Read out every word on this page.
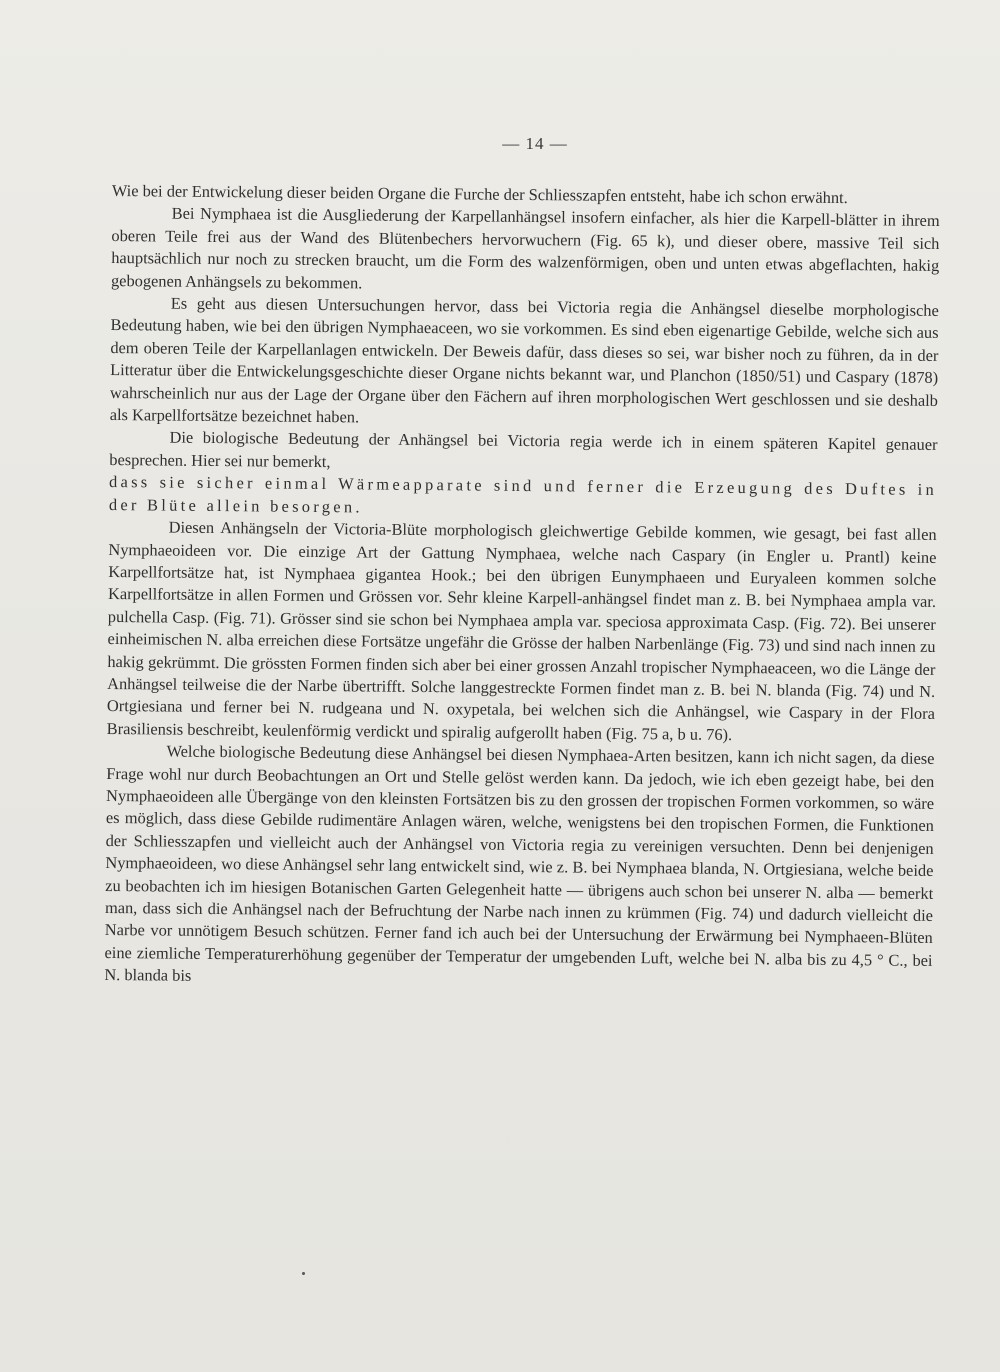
— 14 —

Wie bei der Entwickelung dieser beiden Organe die Furche der Schliesszapfen entsteht, habe ich schon erwähnt.

Bei Nymphaea ist die Ausgliederung der Karpellanhängsel insofern einfacher, als hier die Karpell-blätter in ihrem oberen Teile frei aus der Wand des Blütenbechers hervorwuchern (Fig. 65 k), und dieser obere, massive Teil sich hauptsächlich nur noch zu strecken braucht, um die Form des walzenförmigen, oben und unten etwas abgeflachten, hakig gebogenen Anhängsels zu bekommen.

Es geht aus diesen Untersuchungen hervor, dass bei Victoria regia die Anhängsel dieselbe morphologische Bedeutung haben, wie bei den übrigen Nymphaeaceen, wo sie vorkommen. Es sind eben eigenartige Gebilde, welche sich aus dem oberen Teile der Karpellanlagen entwickeln. Der Beweis dafür, dass dieses so sei, war bisher noch zu führen, da in der Litteratur über die Entwickelungsgeschichte dieser Organe nichts bekannt war, und Planchon (1850/51) und Caspary (1878) wahrscheinlich nur aus der Lage der Organe über den Fächern auf ihren morphologischen Wert geschlossen und sie deshalb als Karpellfortsätze bezeichnet haben.

Die biologische Bedeutung der Anhängsel bei Victoria regia werde ich in einem späteren Kapitel genauer besprechen. Hier sei nur bemerkt,

dass sie sicher einmal Wärmeapparate sind und ferner die Erzeugung des Duftes in der Blüte allein besorgen.

Diesen Anhängseln der Victoria-Blüte morphologisch gleichwertige Gebilde kommen, wie gesagt, bei fast allen Nymphaeoideen vor. Die einzige Art der Gattung Nymphaea, welche nach Caspary (in Engler u. Prantl) keine Karpellfortsätze hat, ist Nymphaea gigantea Hook.; bei den übrigen Eunymphaeen und Euryaleen kommen solche Karpellfortsätze in allen Formen und Grössen vor. Sehr kleine Karpell-anhängsel findet man z. B. bei Nymphaea ampla var. pulchella Casp. (Fig. 71). Grösser sind sie schon bei Nymphaea ampla var. speciosa approximata Casp. (Fig. 72). Bei unserer einheimischen N. alba erreichen diese Fortsätze ungefähr die Grösse der halben Narbenlänge (Fig. 73) und sind nach innen zu hakig gekrümmt. Die grössten Formen finden sich aber bei einer grossen Anzahl tropischer Nymphaeaceen, wo die Länge der Anhängsel teilweise die der Narbe übertrifft. Solche langgestreckte Formen findet man z. B. bei N. blanda (Fig. 74) und N. Ortgiesiana und ferner bei N. rudgeana und N. oxypetala, bei welchen sich die Anhängsel, wie Caspary in der Flora Brasiliensis beschreibt, keulenförmig verdickt und spiralig aufgerollt haben (Fig. 75 a, b u. 76).

Welche biologische Bedeutung diese Anhängsel bei diesen Nymphaea-Arten besitzen, kann ich nicht sagen, da diese Frage wohl nur durch Beobachtungen an Ort und Stelle gelöst werden kann. Da jedoch, wie ich eben gezeigt habe, bei den Nymphaeoideen alle Übergänge von den kleinsten Fortsätzen bis zu den grossen der tropischen Formen vorkommen, so wäre es möglich, dass diese Gebilde rudimentäre Anlagen wären, welche, wenigstens bei den tropischen Formen, die Funktionen der Schliesszapfen und vielleicht auch der Anhängsel von Victoria regia zu vereinigen versuchten. Denn bei denjenigen Nymphaeoideen, wo diese Anhängsel sehr lang entwickelt sind, wie z. B. bei Nymphaea blanda, N. Ortgiesiana, welche beide zu beobachten ich im hiesigen Botanischen Garten Gelegenheit hatte — übrigens auch schon bei unserer N. alba — bemerkt man, dass sich die Anhängsel nach der Befruchtung der Narbe nach innen zu krümmen (Fig. 74) und dadurch vielleicht die Narbe vor unnötigem Besuch schützen. Ferner fand ich auch bei der Untersuchung der Erwärmung bei Nymphaeen-Blüten eine ziemliche Temperaturerhöhung gegenüber der Temperatur der umgebenden Luft, welche bei N. alba bis zu 4,5 ° C., bei N. blanda bis
